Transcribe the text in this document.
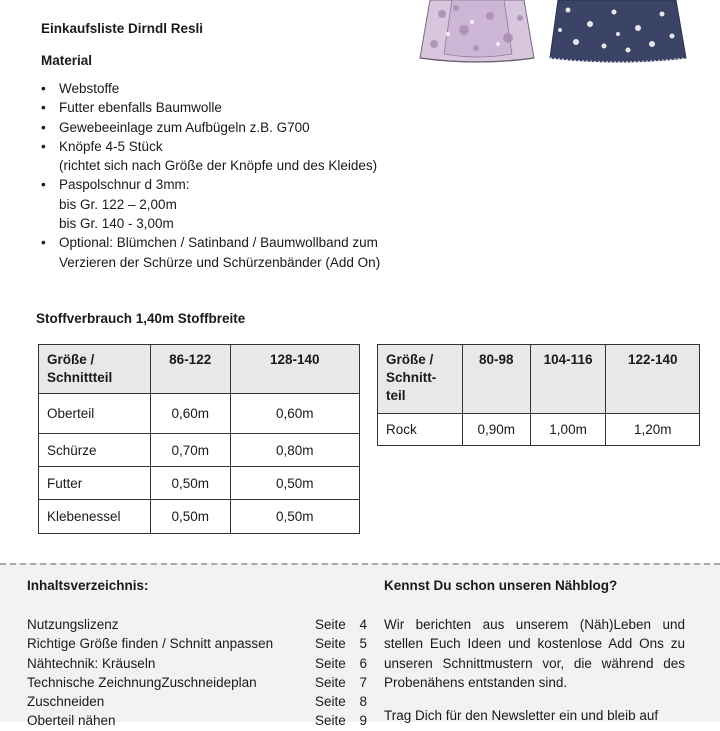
Einkaufsliste Dirndl Resli
Material
• Webstoffe
• Futter ebenfalls Baumwolle
• Gewebeeinlage zum Aufbügeln z.B. G700
• Knöpfe 4-5 Stück
(richtet sich nach Größe der Knöpfe und des Kleides)
• Paspolschnur d 3mm:
bis Gr. 122 – 2,00m
bis Gr. 140 - 3,00m
• Optional: Blümchen / Satinband / Baumwollband zum
Verzieren der Schürze und Schürzenbänder (Add On)
Stoffverbrauch 1,40m Stoffbreite
Größe / Schnittteil	86-122	128-140
Oberteil	0,60m	0,60m
Schürze	0,70m	0,80m
Futter	0,50m	0,50m
Klebenessel	0,50m	0,50m
Größe / Schnitt-teil	80-98	104-116	122-140
Rock	0,90m	1,00m	1,20m
Inhaltsverzeichnis:
Nutzungslizenz	Seite	4
Richtige Größe finden / Schnitt anpassen	Seite	5
Nähtechnik: Kräuseln	Seite	6
Technische ZeichnungZuschneideplan	Seite	7
Zuschneiden	Seite	8
Oberteil nähen	Seite	9
Kennst Du schon unseren Nähblog?

Wir berichten aus unserem (Näh)Leben und stellen Euch Ideen und kostenlose Add Ons zu unseren Schnittmustern vor, die während des Probenähens entstanden sind.

Trag Dich für den Newsletter ein und bleib auf
